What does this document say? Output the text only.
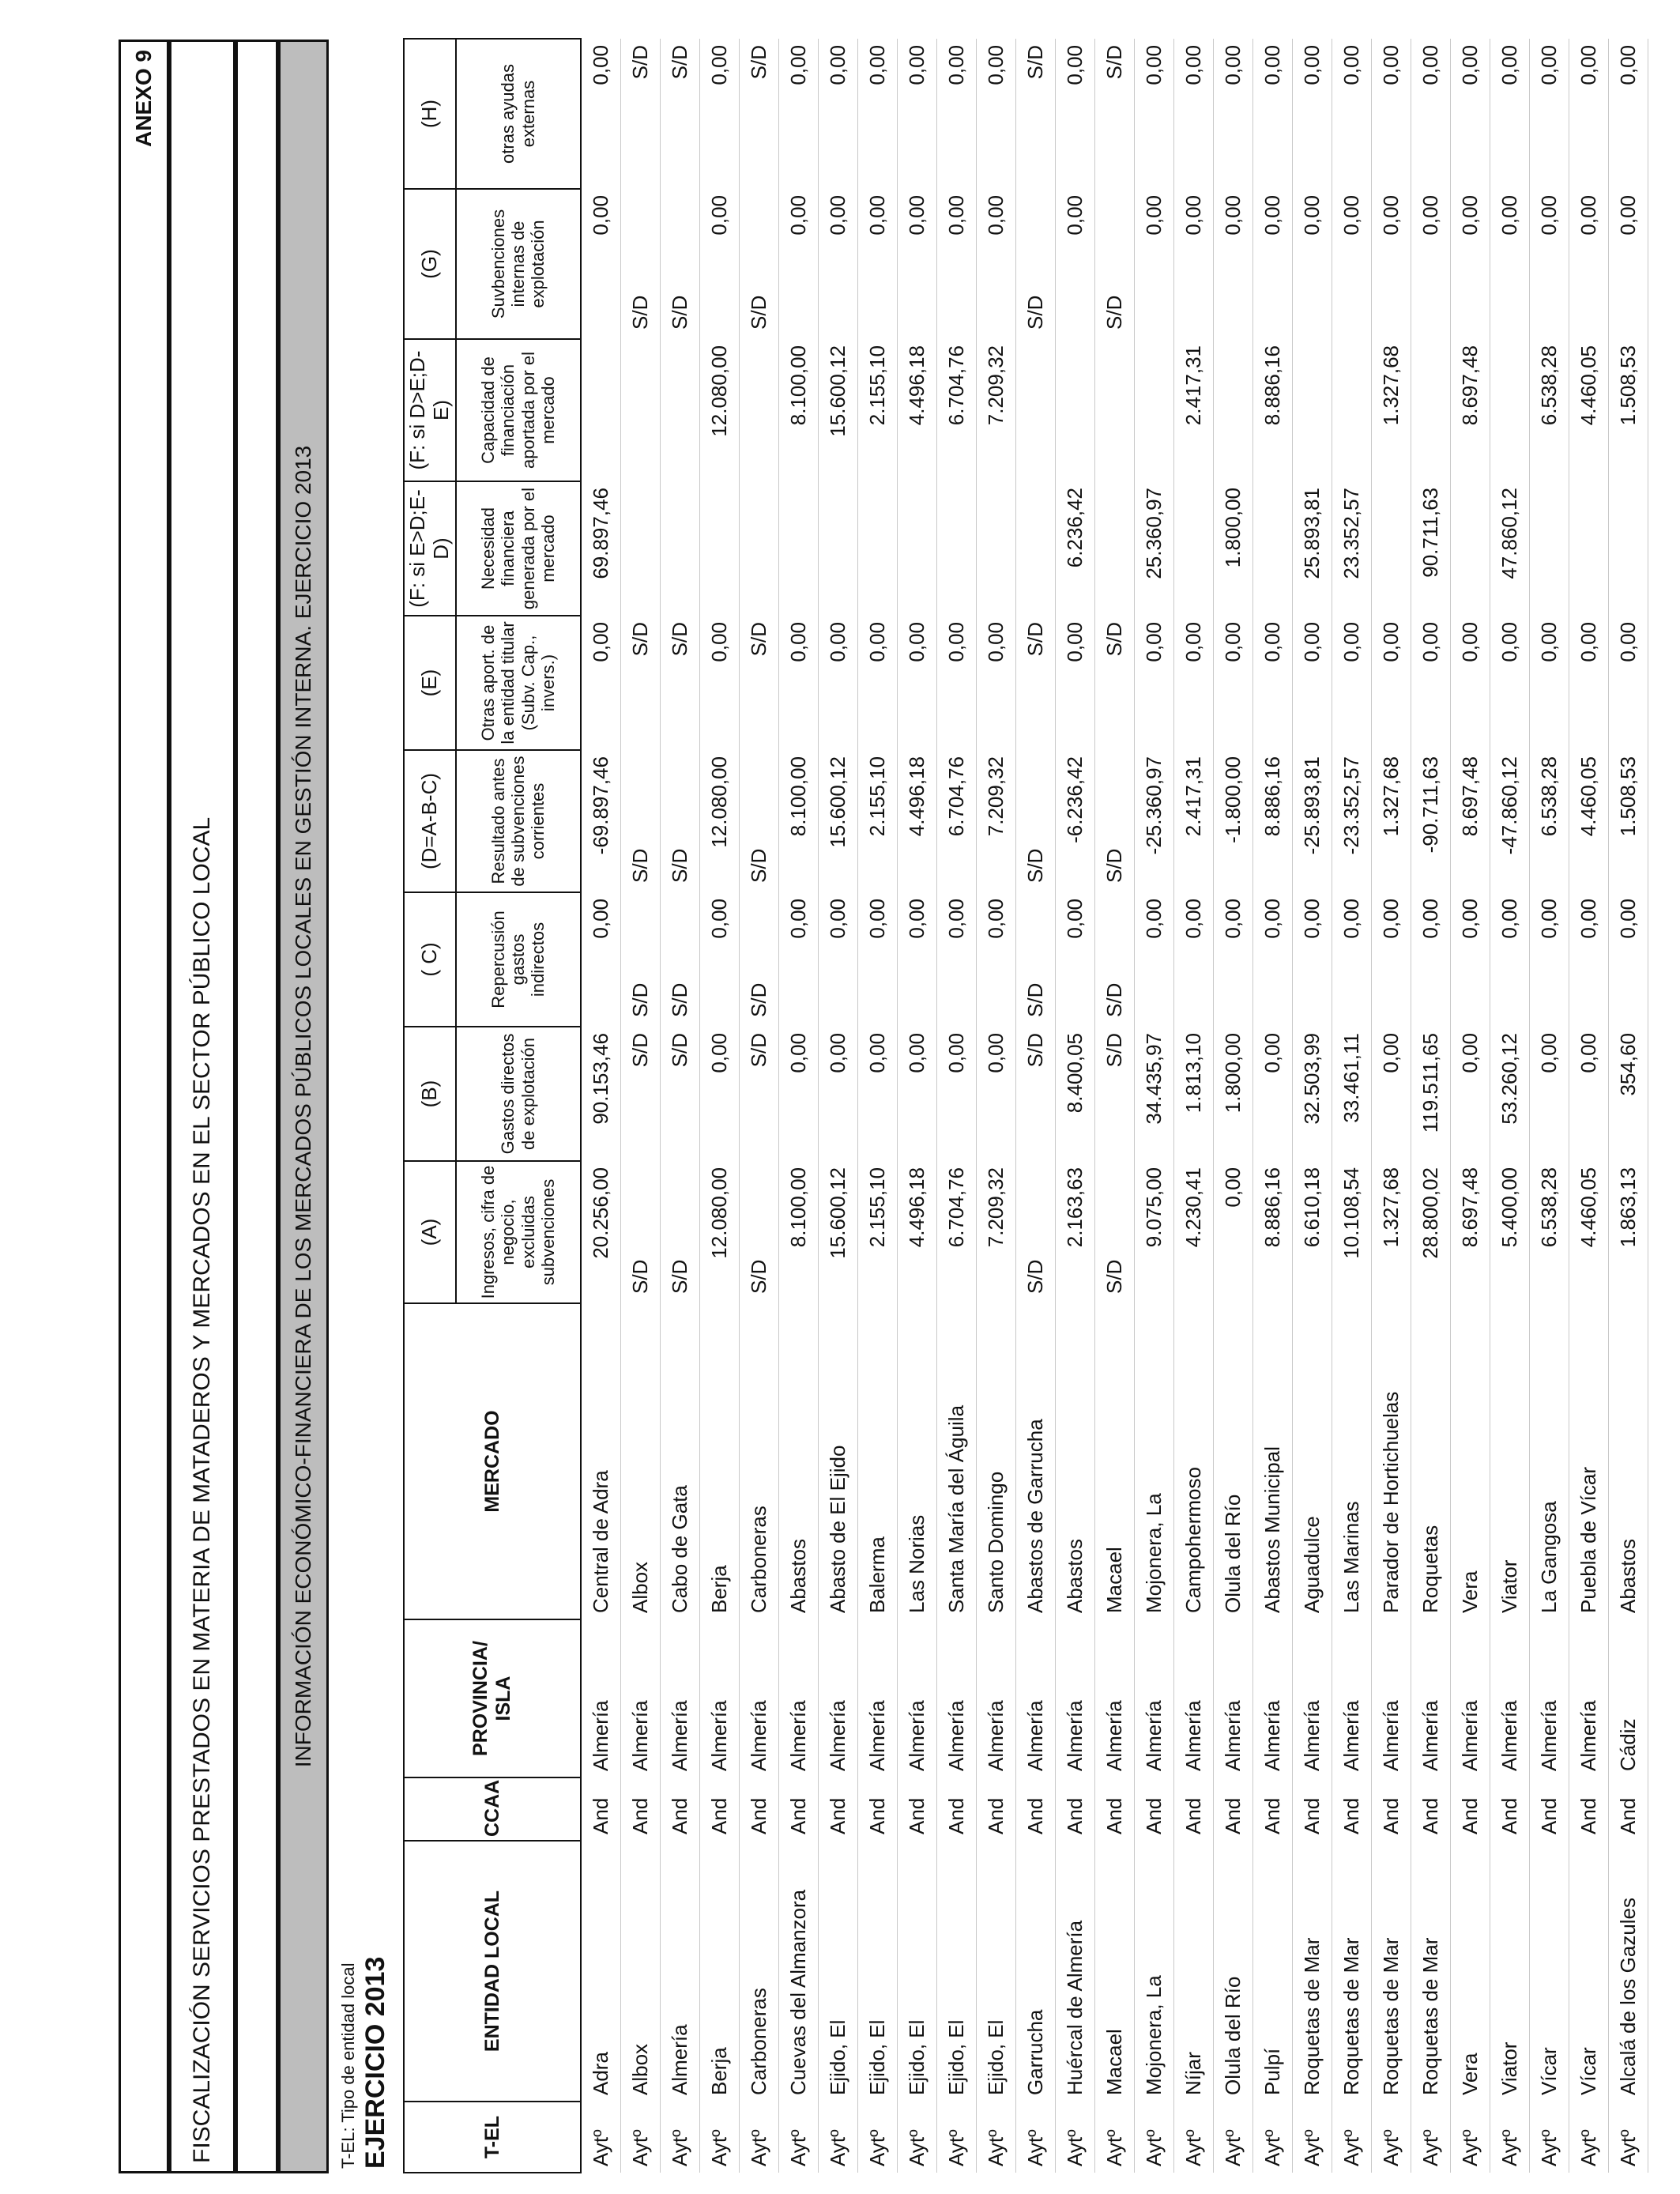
ANEXO 9
FISCALIZACIÓN SERVICIOS PRESTADOS EN MATERIA DE MATADEROS Y MERCADOS EN EL SECTOR PÚBLICO LOCAL	INFORMACIÓN ECONÓMICO-FINANCIERA DE LOS MERCADOS PÚBLICOS LOCALES EN GESTIÓN INTERNA. EJERCICIO 2013
T-EL: Tipo de entidad local EJERCICIO 2013	T-EL	ENTIDAD LOCAL	CCAA	PROVINCIA/ ISLA	MERCADO	(A)	(B)	( C)	(D=A-B-C)	(E)	(F: si E>D;E-D)	(F: si D>E;D-E)	(G)	(H)
					Ingresos, cifra de negocio, excluidas subvenciones	Gastos directos de explotación	Repercusión gastos indirectos	Resultado antes de subvenciones corrientes	Otras aport. de la entidad titular (Subv. Cap., invers.)	Necesidad financiera generada por el mercado	Capacidad de financiación aportada por el mercado	Suvbenciones internas de explotación	otras ayudas externas
Aytº	Adra	And	Almería	Central de Adra	20.256,00	90.153,46	0,00	-69.897,46	0,00	69.897,46		0,00	0,00
Aytº	Albox	And	Almería	Albox	S/D	S/D	S/D	S/D	S/D			S/D	S/D
Aytº	Almería	And	Almería	Cabo de Gata	S/D	S/D	S/D	S/D	S/D			S/D	S/D
Aytº	Berja	And	Almería	Berja	12.080,00	0,00	0,00	12.080,00	0,00		12.080,00	0,00	0,00
Aytº	Carboneras	And	Almería	Carboneras	S/D	S/D	S/D	S/D	S/D			S/D	S/D
Aytº	Cuevas del Almanzora	And	Almería	Abastos	8.100,00	0,00	0,00	8.100,00	0,00		8.100,00	0,00	0,00
Aytº	Ejido, El	And	Almería	Abasto de El Ejido	15.600,12	0,00	0,00	15.600,12	0,00		15.600,12	0,00	0,00
Aytº	Ejido, El	And	Almería	Balerma	2.155,10	0,00	0,00	2.155,10	0,00		2.155,10	0,00	0,00
Aytº	Ejido, El	And	Almería	Las Norias	4.496,18	0,00	0,00	4.496,18	0,00		4.496,18	0,00	0,00
Aytº	Ejido, El	And	Almería	Santa María del Águila	6.704,76	0,00	0,00	6.704,76	0,00		6.704,76	0,00	0,00
Aytº	Ejido, El	And	Almería	Santo Domingo	7.209,32	0,00	0,00	7.209,32	0,00		7.209,32	0,00	0,00
Aytº	Garrucha	And	Almería	Abastos de Garrucha	S/D	S/D	S/D	S/D	S/D			S/D	S/D
Aytº	Huércal de Almería	And	Almería	Abastos	2.163,63	8.400,05	0,00	-6.236,42	0,00	6.236,42		0,00	0,00
Aytº	Macael	And	Almería	Macael	S/D	S/D	S/D	S/D	S/D			S/D	S/D
Aytº	Mojonera, La	And	Almería	Mojonera, La	9.075,00	34.435,97	0,00	-25.360,97	0,00	25.360,97		0,00	0,00
Aytº	Níjar	And	Almería	Campohermoso	4.230,41	1.813,10	0,00	2.417,31	0,00		2.417,31	0,00	0,00
Aytº	Olula del Río	And	Almería	Olula del Río	0,00	1.800,00	0,00	-1.800,00	0,00	1.800,00		0,00	0,00
Aytº	Pulpí	And	Almería	Abastos Municipal	8.886,16	0,00	0,00	8.886,16	0,00		8.886,16	0,00	0,00
Aytº	Roquetas de Mar	And	Almería	Aguadulce	6.610,18	32.503,99	0,00	-25.893,81	0,00	25.893,81		0,00	0,00
Aytº	Roquetas de Mar	And	Almería	Las Marinas	10.108,54	33.461,11	0,00	-23.352,57	0,00	23.352,57		0,00	0,00
Aytº	Roquetas de Mar	And	Almería	Parador de Hortichuelas	1.327,68	0,00	0,00	1.327,68	0,00		1.327,68	0,00	0,00
Aytº	Roquetas de Mar	And	Almería	Roquetas	28.800,02	119.511,65	0,00	-90.711,63	0,00	90.711,63		0,00	0,00
Aytº	Vera	And	Almería	Vera	8.697,48	0,00	0,00	8.697,48	0,00		8.697,48	0,00	0,00
Aytº	Viator	And	Almería	Viator	5.400,00	53.260,12	0,00	-47.860,12	0,00	47.860,12		0,00	0,00
Aytº	Vícar	And	Almería	La Gangosa	6.538,28	0,00	0,00	6.538,28	0,00		6.538,28	0,00	0,00
Aytº	Vícar	And	Almería	Puebla de Vícar	4.460,05	0,00	0,00	4.460,05	0,00		4.460,05	0,00	0,00
Aytº	Alcalá de los Gazules	And	Cádiz	Abastos	1.863,13	354,60	0,00	1.508,53	0,00		1.508,53	0,00	0,00
